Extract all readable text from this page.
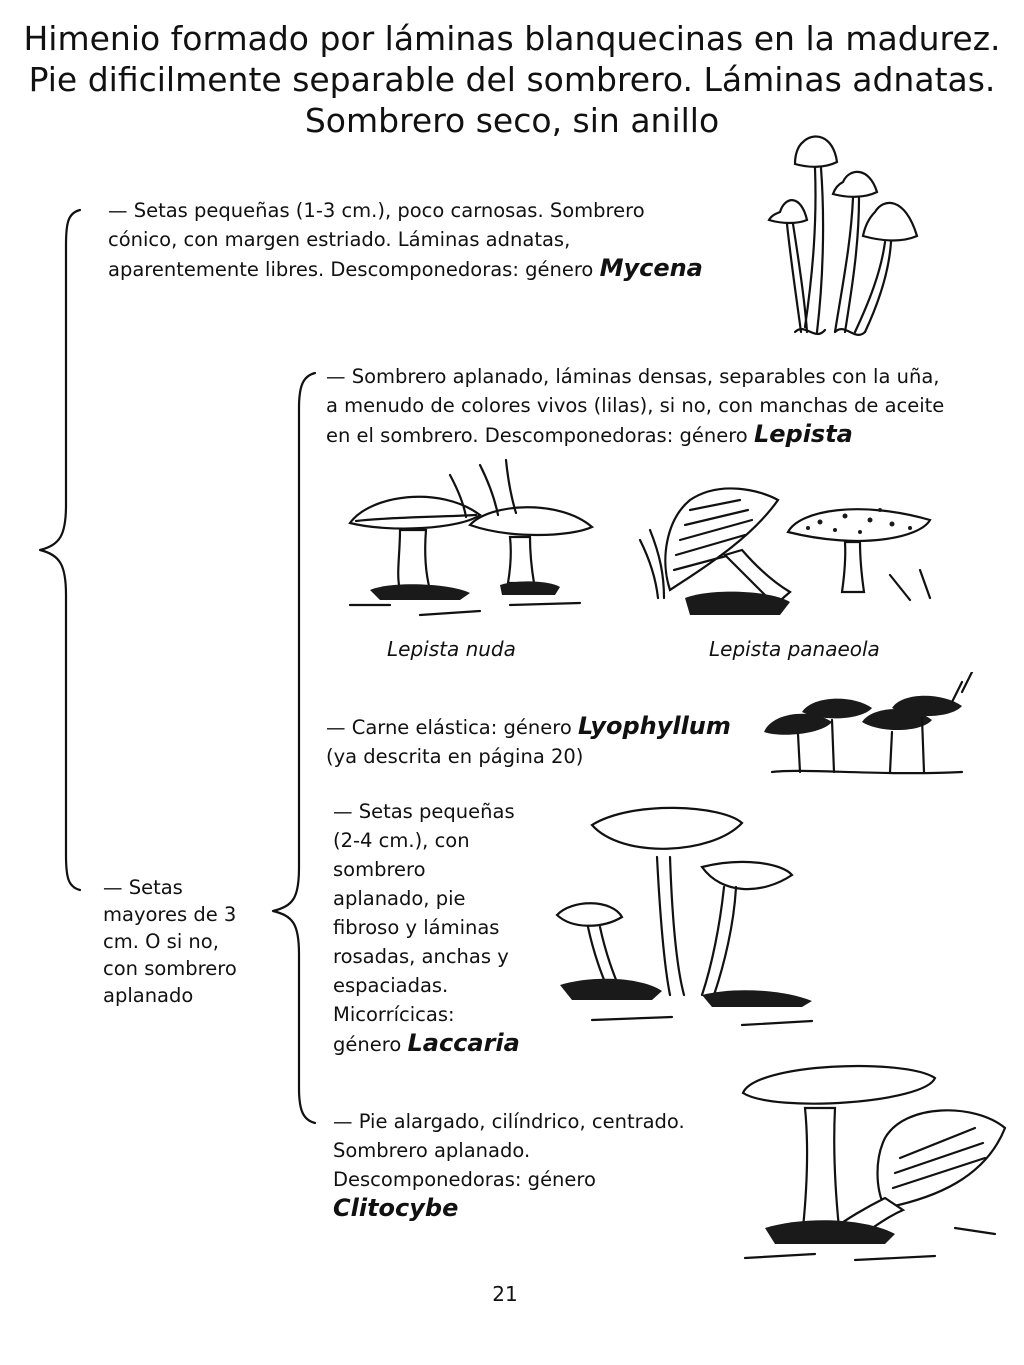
Himenio formado por láminas blanquecinas en la madurez.
Pie dificilmente separable del sombrero. Láminas adnatas.
Sombrero seco, sin anillo
— Setas pequeñas (1-3 cm.), poco carnosas. Sombrero
cónico, con margen estriado. Láminas adnatas,
aparentemente libres. Descomponedoras: género Mycena
— Sombrero aplanado, láminas densas, separables con la uña,
a menudo de colores vivos (lilas), si no, con manchas de aceite
en el sombrero. Descomponedoras: género Lepista
Lepista nuda	Lepista panaeola
— Carne elástica: género Lyophyllum
(ya descrita en página 20)
— Setas pequeñas
(2-4 cm.), con
sombrero
aplanado, pie
fibroso y láminas
rosadas, anchas y
espaciadas.
Micorrícicas:
género Laccaria
— Setas
mayores de 3
cm. O si no,
con sombrero
aplanado
— Pie alargado, cilíndrico, centrado.
Sombrero aplanado.
Descomponedoras: género
Clitocybe
21
